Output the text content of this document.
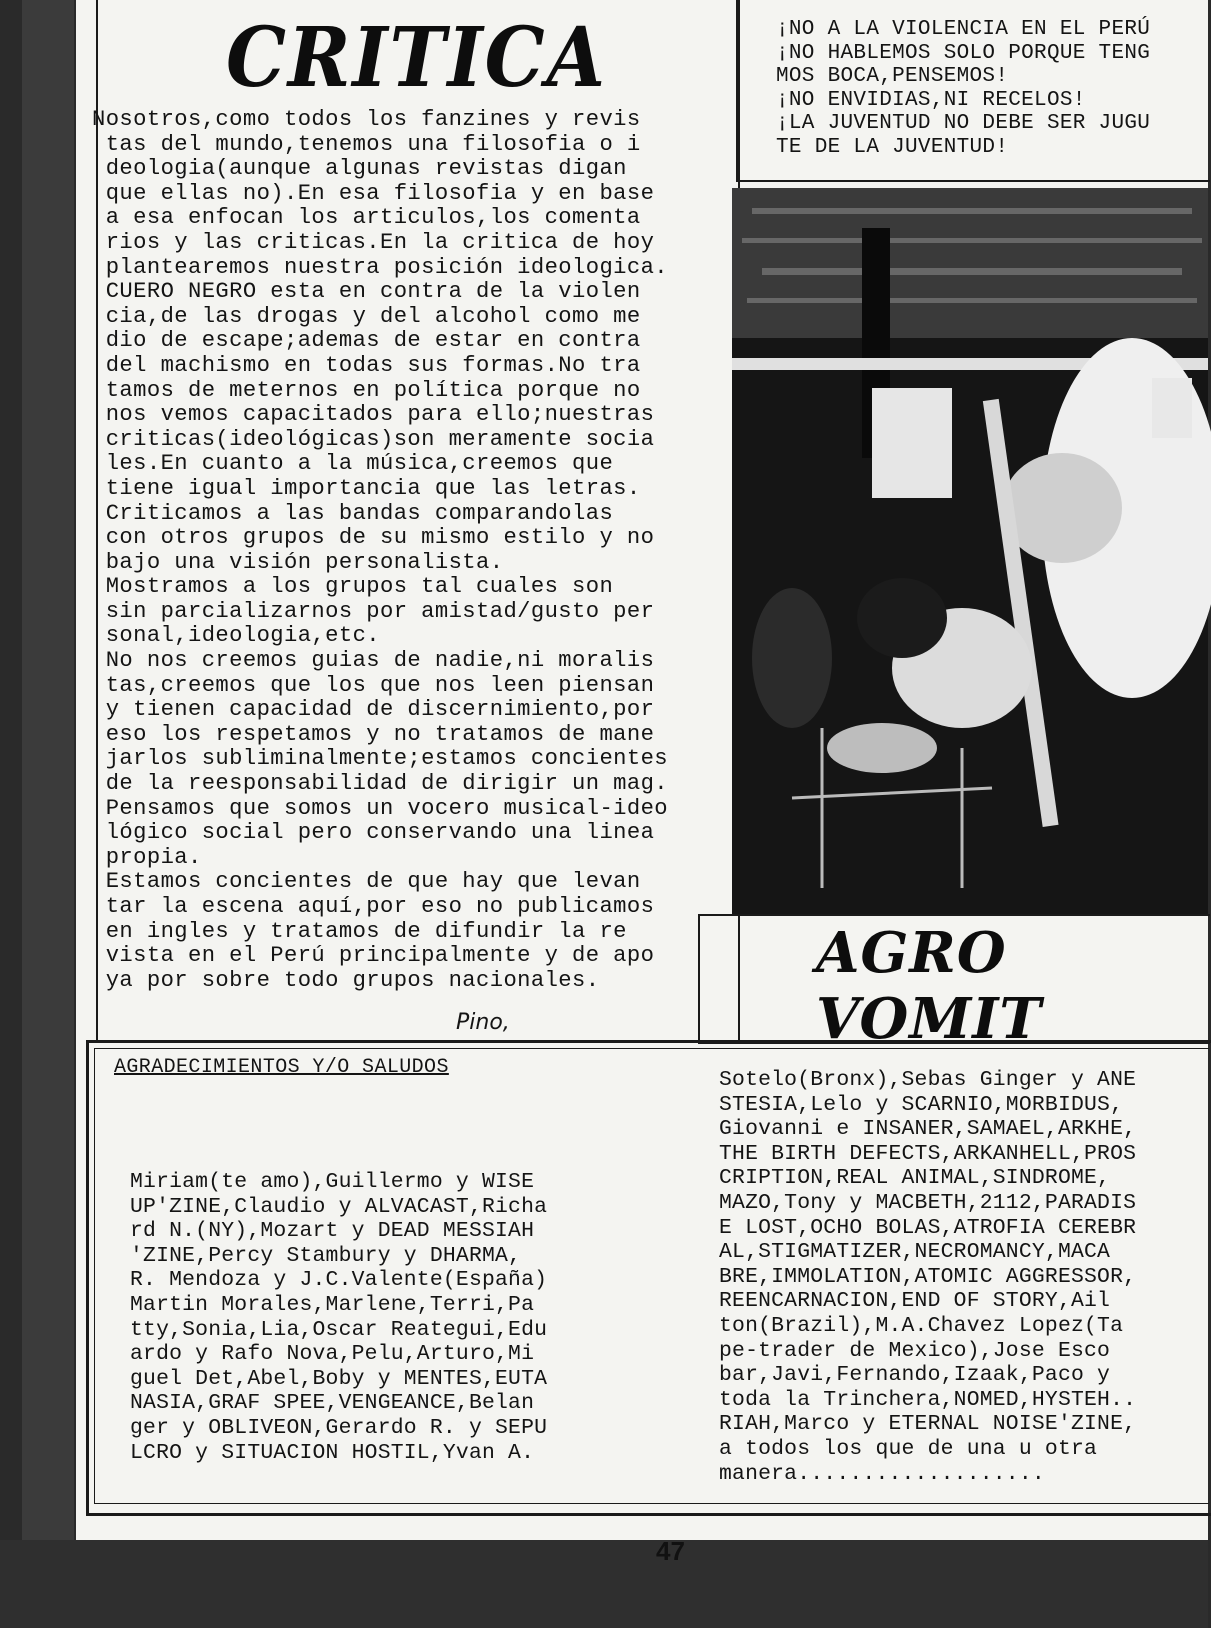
CRITICA
Nosotros,como todos los fanzines y revis
tas del mundo,tenemos una filosofia o i
deologia(aunque algunas revistas digan
que ellas no).En esa filosofia y en base
a esa enfocan los articulos,los comenta
rios y las criticas.En la critica de hoy
plantearemos nuestra posición ideologica.
CUERO NEGRO esta en contra de la violen
cia,de las drogas y del alcohol como me
dio de escape;ademas de estar en contra
del machismo en todas sus formas.No tra
tamos de meternos en política porque no
nos vemos capacitados para ello;nuestras
criticas(ideológicas)son meramente socia
les.En cuanto a la música,creemos que
tiene igual importancia que las letras.
Criticamos a las bandas comparandolas
con otros grupos de su mismo estilo y no
bajo una visión personalista.
Mostramos a los grupos tal cuales son
sin parcializarnos por amistad/gusto per
sonal,ideologia,etc.
No nos creemos guias de nadie,ni moralis
tas,creemos que los que nos leen piensan
y tienen capacidad de discernimiento,por
eso los respetamos y no tratamos de mane
jarlos subliminalmente;estamos concientes
de la reesponsabilidad de dirigir un mag.
Pensamos que somos un vocero musical-ideo
lógico social pero conservando una linea
propia.
Estamos concientes de que hay que levan
tar la escena aquí,por eso no publicamos
en ingles y tratamos de difundir la re
vista en el Perú principalmente y de apo
ya por sobre todo grupos nacionales.
Pino,
¡NO A LA VIOLENCIA EN EL PERÚ
¡NO HABLEMOS SOLO PORQUE TENG
MOS BOCA,PENSEMOS!
¡NO ENVIDIAS,NI RECELOS!
¡LA JUVENTUD NO DEBE SER JUGU
TE DE LA JUVENTUD!
AGRO VOMIT
AGRADECIMIENTOS Y/O SALUDOS
Miriam(te amo),Guillermo y WISE
UP'ZINE,Claudio y ALVACAST,Richa
rd N.(NY),Mozart y DEAD MESSIAH
'ZINE,Percy Stambury y DHARMA,
R. Mendoza y J.C.Valente(España)
Martin Morales,Marlene,Terri,Pa
tty,Sonia,Lia,Oscar Reategui,Edu
ardo y Rafo Nova,Pelu,Arturo,Mi
guel Det,Abel,Boby y MENTES,EUTA
NASIA,GRAF SPEE,VENGEANCE,Belan
ger y OBLIVEON,Gerardo R. y SEPU
LCRO y SITUACION HOSTIL,Yvan A.
Sotelo(Bronx),Sebas Ginger y ANE
STESIA,Lelo y SCARNIO,MORBIDUS,
Giovanni e INSANER,SAMAEL,ARKHE,
THE BIRTH DEFECTS,ARKANHELL,PROS
CRIPTION,REAL ANIMAL,SINDROME,
MAZO,Tony y MACBETH,2112,PARADIS
E LOST,OCHO BOLAS,ATROFIA CEREBR
AL,STIGMATIZER,NECROMANCY,MACA
BRE,IMMOLATION,ATOMIC AGGRESSOR,
REENCARNACION,END OF STORY,Ail
ton(Brazil),M.A.Chavez Lopez(Ta
pe-trader de Mexico),Jose Esco
bar,Javi,Fernando,Izaak,Paco y
toda la Trinchera,NOMED,HYSTEH..
RIAH,Marco y ETERNAL NOISE'ZINE,
a todos los que de una u otra
manera...................
47
